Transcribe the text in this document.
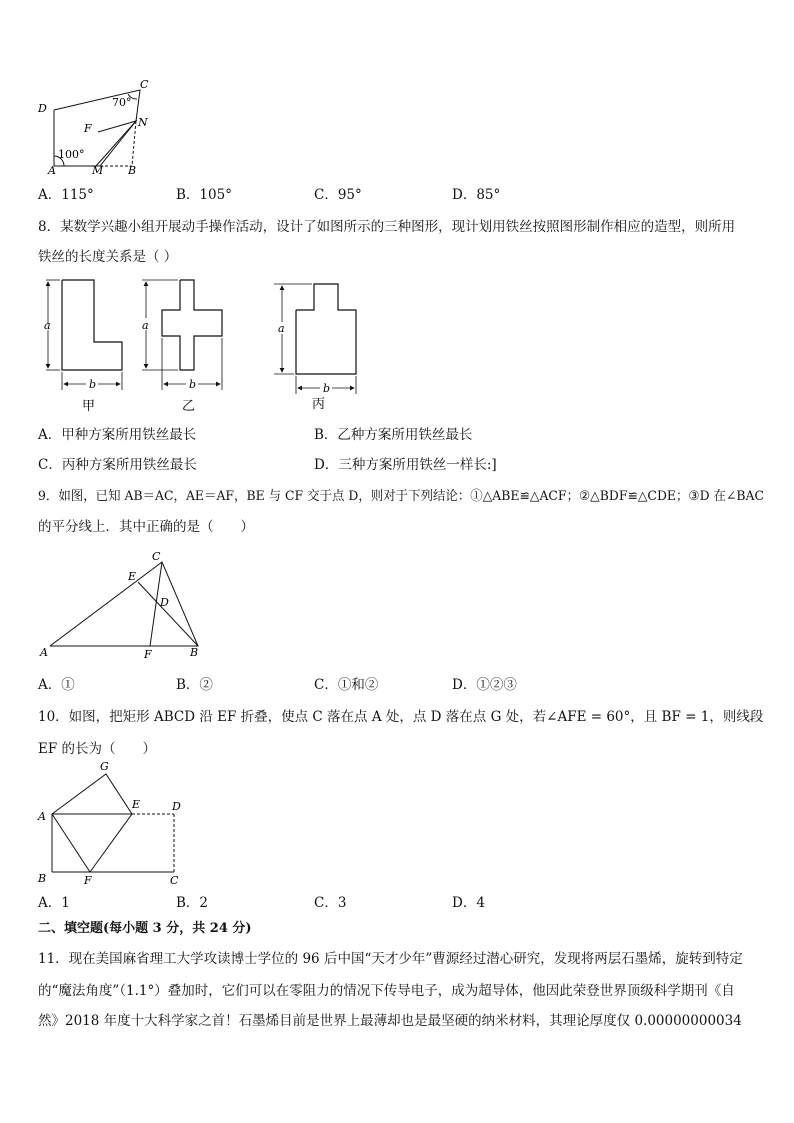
C
D
F	N
A	M B
70°
100°
A．115°	B．105°	C．95°	D．85°
8．某数学兴趣小组开展动手操作活动，设计了如图所示的三种图形，现计划用铁丝按照图形制作相应的造型，则所用
铁丝的长度关系是（ ）
a
b
a
b
a
b
甲	乙	丙
A．甲种方案所用铁丝最长	B．乙种方案所用铁丝最长
C．丙种方案所用铁丝最长	D．三种方案所用铁丝一样长:]
9．如图，已知 AB＝AC，AE＝AF，BE 与 CF 交于点 D，则对于下列结论：①△ABE≌△ACF；②△BDF≌△CDE；③D 在∠BAC
的平分线上．其中正确的是（　　）
C
E
D
A	F	B
A．①	B．②	C．①和②	D．①②③
10．如图，把矩形 ABCD 沿 EF 折叠，使点 C 落在点 A 处，点 D 落在点 G 处，若∠AFE = 60°，且 BF = 1，则线段
EF 的长为（　　）
G
E	D
A
B	F	C
A．1	B．2	C．3	D．4
二、填空题(每小题 3 分，共 24 分)
11．现在美国麻省理工大学攻读博士学位的 96 后中国“天才少年”曹源经过潜心研究，发现将两层石墨烯，旋转到特定
的“魔法角度”（1.1°）叠加时，它们可以在零阻力的情况下传导电子，成为超导体，他因此荣登世界顶级科学期刊《自
然》2018 年度十大科学家之首！石墨烯目前是世界上最薄却也是最坚硬的纳米材料，其理论厚度仅 0.00000000034
